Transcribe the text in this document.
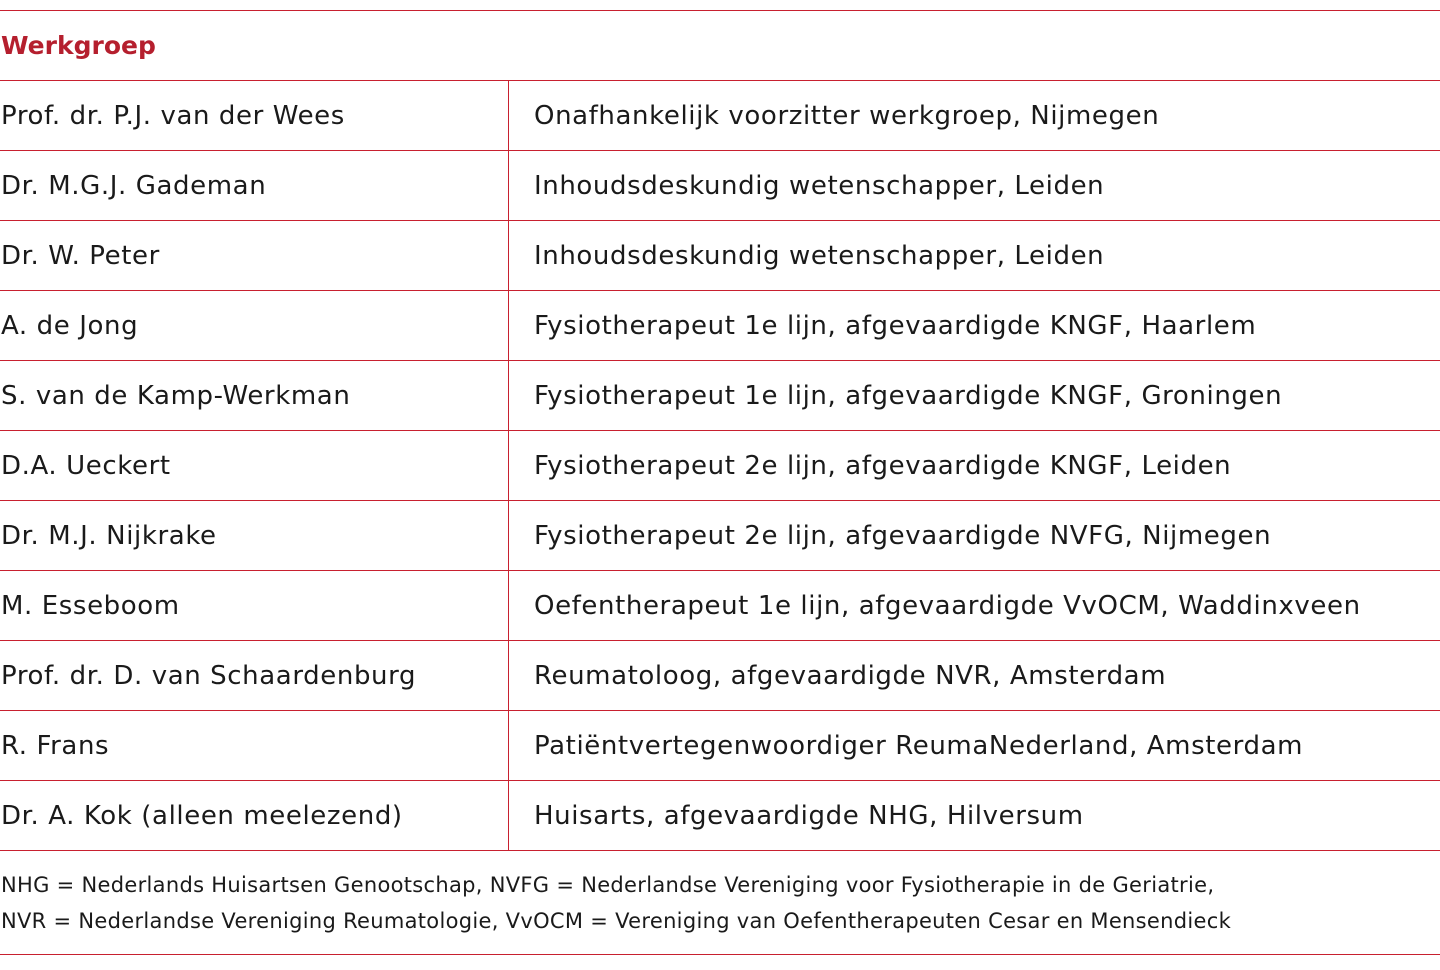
Werkgroep
Prof. dr. P.J. van der Wees	Onafhankelijk voorzitter werkgroep, Nijmegen
Dr. M.G.J. Gademan	Inhoudsdeskundig wetenschapper, Leiden
Dr. W. Peter	Inhoudsdeskundig wetenschapper, Leiden
A. de Jong	Fysiotherapeut 1e lijn, afgevaardigde KNGF, Haarlem
S. van de Kamp-Werkman	Fysiotherapeut 1e lijn, afgevaardigde KNGF, Groningen
D.A. Ueckert	Fysiotherapeut 2e lijn, afgevaardigde KNGF, Leiden
Dr. M.J. Nijkrake	Fysiotherapeut 2e lijn, afgevaardigde NVFG, Nijmegen
M. Esseboom	Oefentherapeut 1e lijn, afgevaardigde VvOCM, Waddinxveen
Prof. dr. D. van Schaardenburg	Reumatoloog, afgevaardigde NVR, Amsterdam
R. Frans	Patiëntvertegenwoordiger ReumaNederland, Amsterdam
Dr. A. Kok (alleen meelezend)	Huisarts, afgevaardigde NHG, Hilversum
NHG = Nederlands Huisartsen Genootschap, NVFG = Nederlandse Vereniging voor Fysiotherapie in de Geriatrie,
NVR = Nederlandse Vereniging Reumatologie, VvOCM = Vereniging van Oefentherapeuten Cesar en Mensendieck
